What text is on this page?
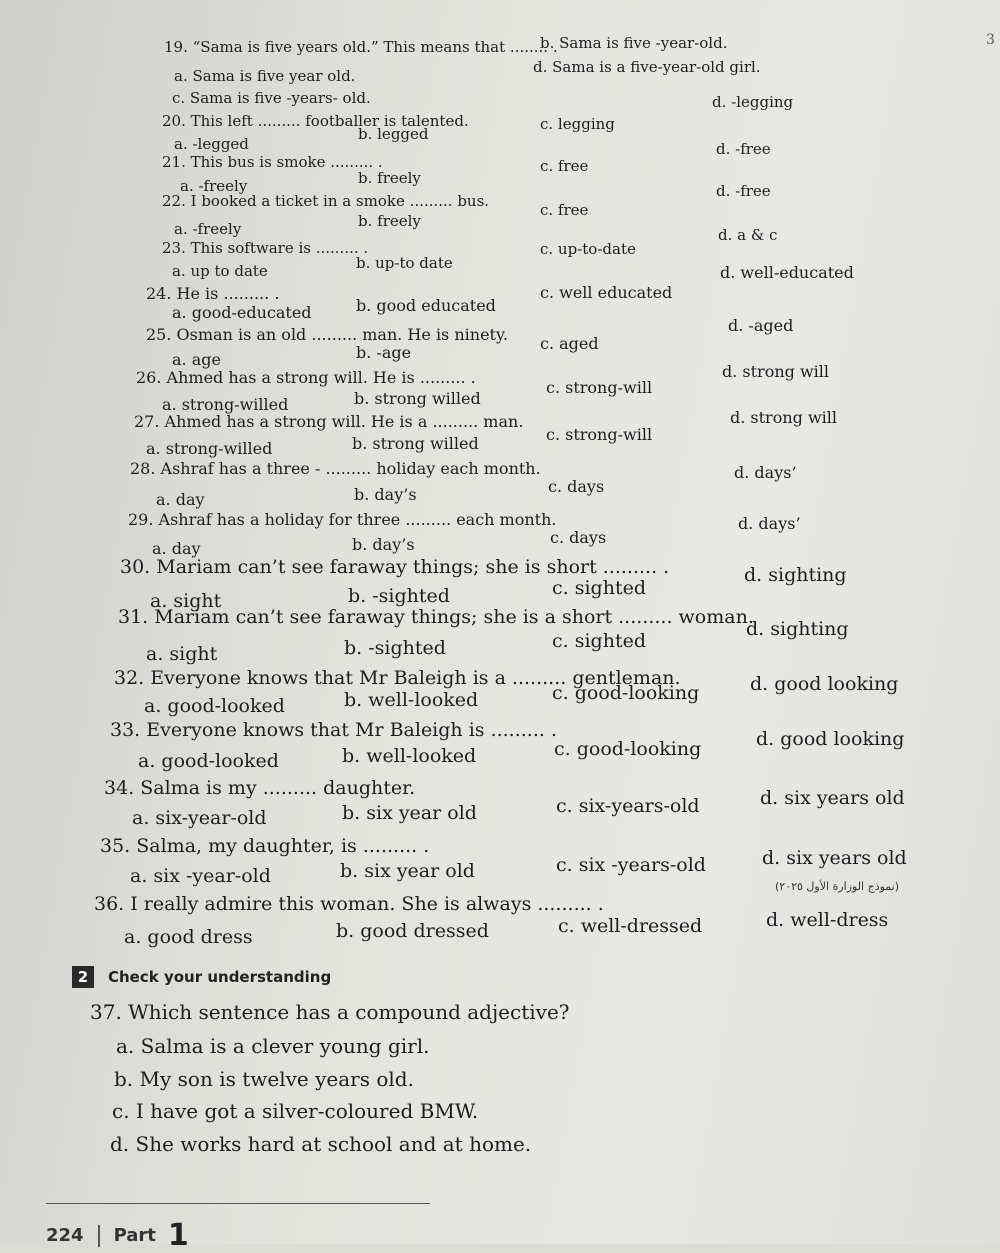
3
19. “Sama is five years old.” This means that ........ .
a. Sama is five year old.
b. Sama is five -year-old.
c. Sama is five -years- old.
d. Sama is a five-year-old girl.
20. This left ......... footballer is talented.
a. -legged
b. legged
c. legging
d. -legging
21. This bus is smoke ......... .
a. -freely	b. freely
c. free
d. -free
22. I booked a ticket in a smoke ......... bus.
a. -freely	b. freely
c. free
d. -free
23. This software is ......... .
a. up to date	b. up-to date
c. up-to-date
d. a & c
24. He is ......... .
a. good-educated	b. good educated
c. well educated
d. well-educated
25. Osman is an old ......... man. He is ninety.
a. age	b. -age	c. aged
d. -aged
26. Ahmed has a strong will. He is ......... .
a. strong-willed	b. strong willed
c. strong-will
d. strong will
27. Ahmed has a strong will. He is a ......... man.
a. strong-willed	b. strong willed	c. strong-will
d. strong will
28. Ashraf has a three - ......... holiday each month.
a. day	b. day’s	c. days
d. days’
29. Ashraf has a holiday for three ......... each month.
a. day	b. day’s	c. days
d. days’
30. Mariam can’t see faraway things; she is short ......... .
a. sight	b. -sighted	c. sighted
d. sighting
31. Mariam can’t see faraway things; she is a short ......... woman.
a. sight	b. -sighted	c. sighted
d. sighting
32. Everyone knows that Mr Baleigh is a ......... gentleman.
a. good-looked	b. well-looked	c. good-looking	d. good looking
33. Everyone knows that Mr Baleigh is ......... .
a. good-looked	b. well-looked	c. good-looking	d. good looking
34. Salma is my ......... daughter.
a. six-year-old	b. six year old	c. six-years-old	d. six years old
35. Salma, my daughter, is ......... .
a. six -year-old	b. six year old	c. six -years-old	d. six years old
36. I really admire this woman. She is always ......... .
a. good dress	b. good dressed	c. well-dressed	d. well-dress
(نموذج الوزارة الأول ٢٠٢٥)
2	Check your understanding
37. Which sentence has a compound adjective?
a. Salma is a clever young girl.
b. My son is twelve years old.
c. I have got a silver-coloured BMW.
d. She works hard at school and at home.
224 Part 1
